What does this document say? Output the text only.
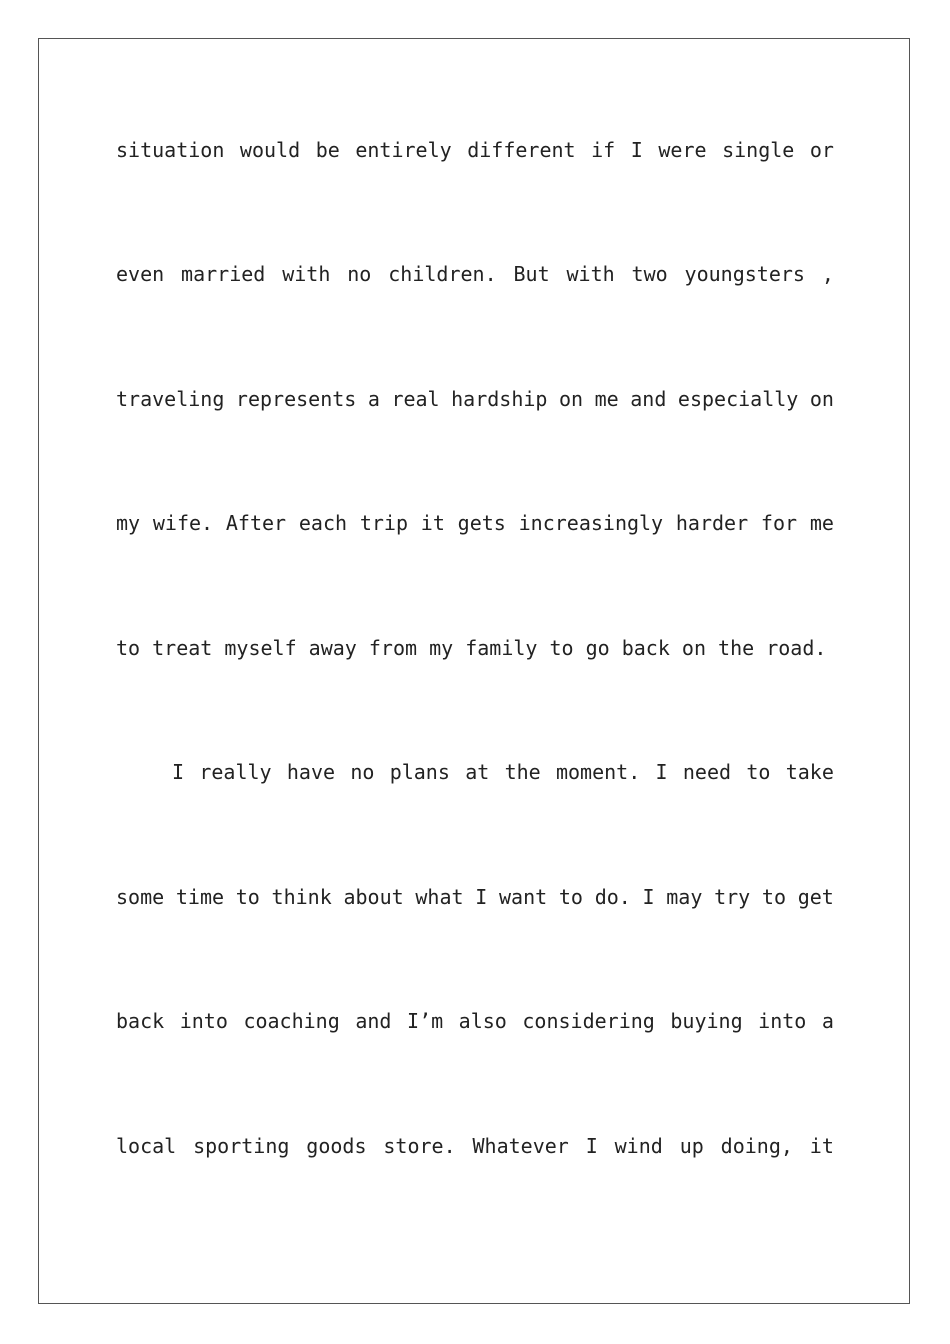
situation would be entirely different if I were single or
even married with no children. But with two youngsters ,
traveling represents a real hardship on me and especially on
my wife. After each trip it gets increasingly harder for me
to treat myself away from my family to go back on the road.
I really have no plans at the moment. I need to take
some time to think about what I want to do. I may try to get
back into coaching and I’m also considering buying into a
local sporting goods store. Whatever I wind up doing, it
